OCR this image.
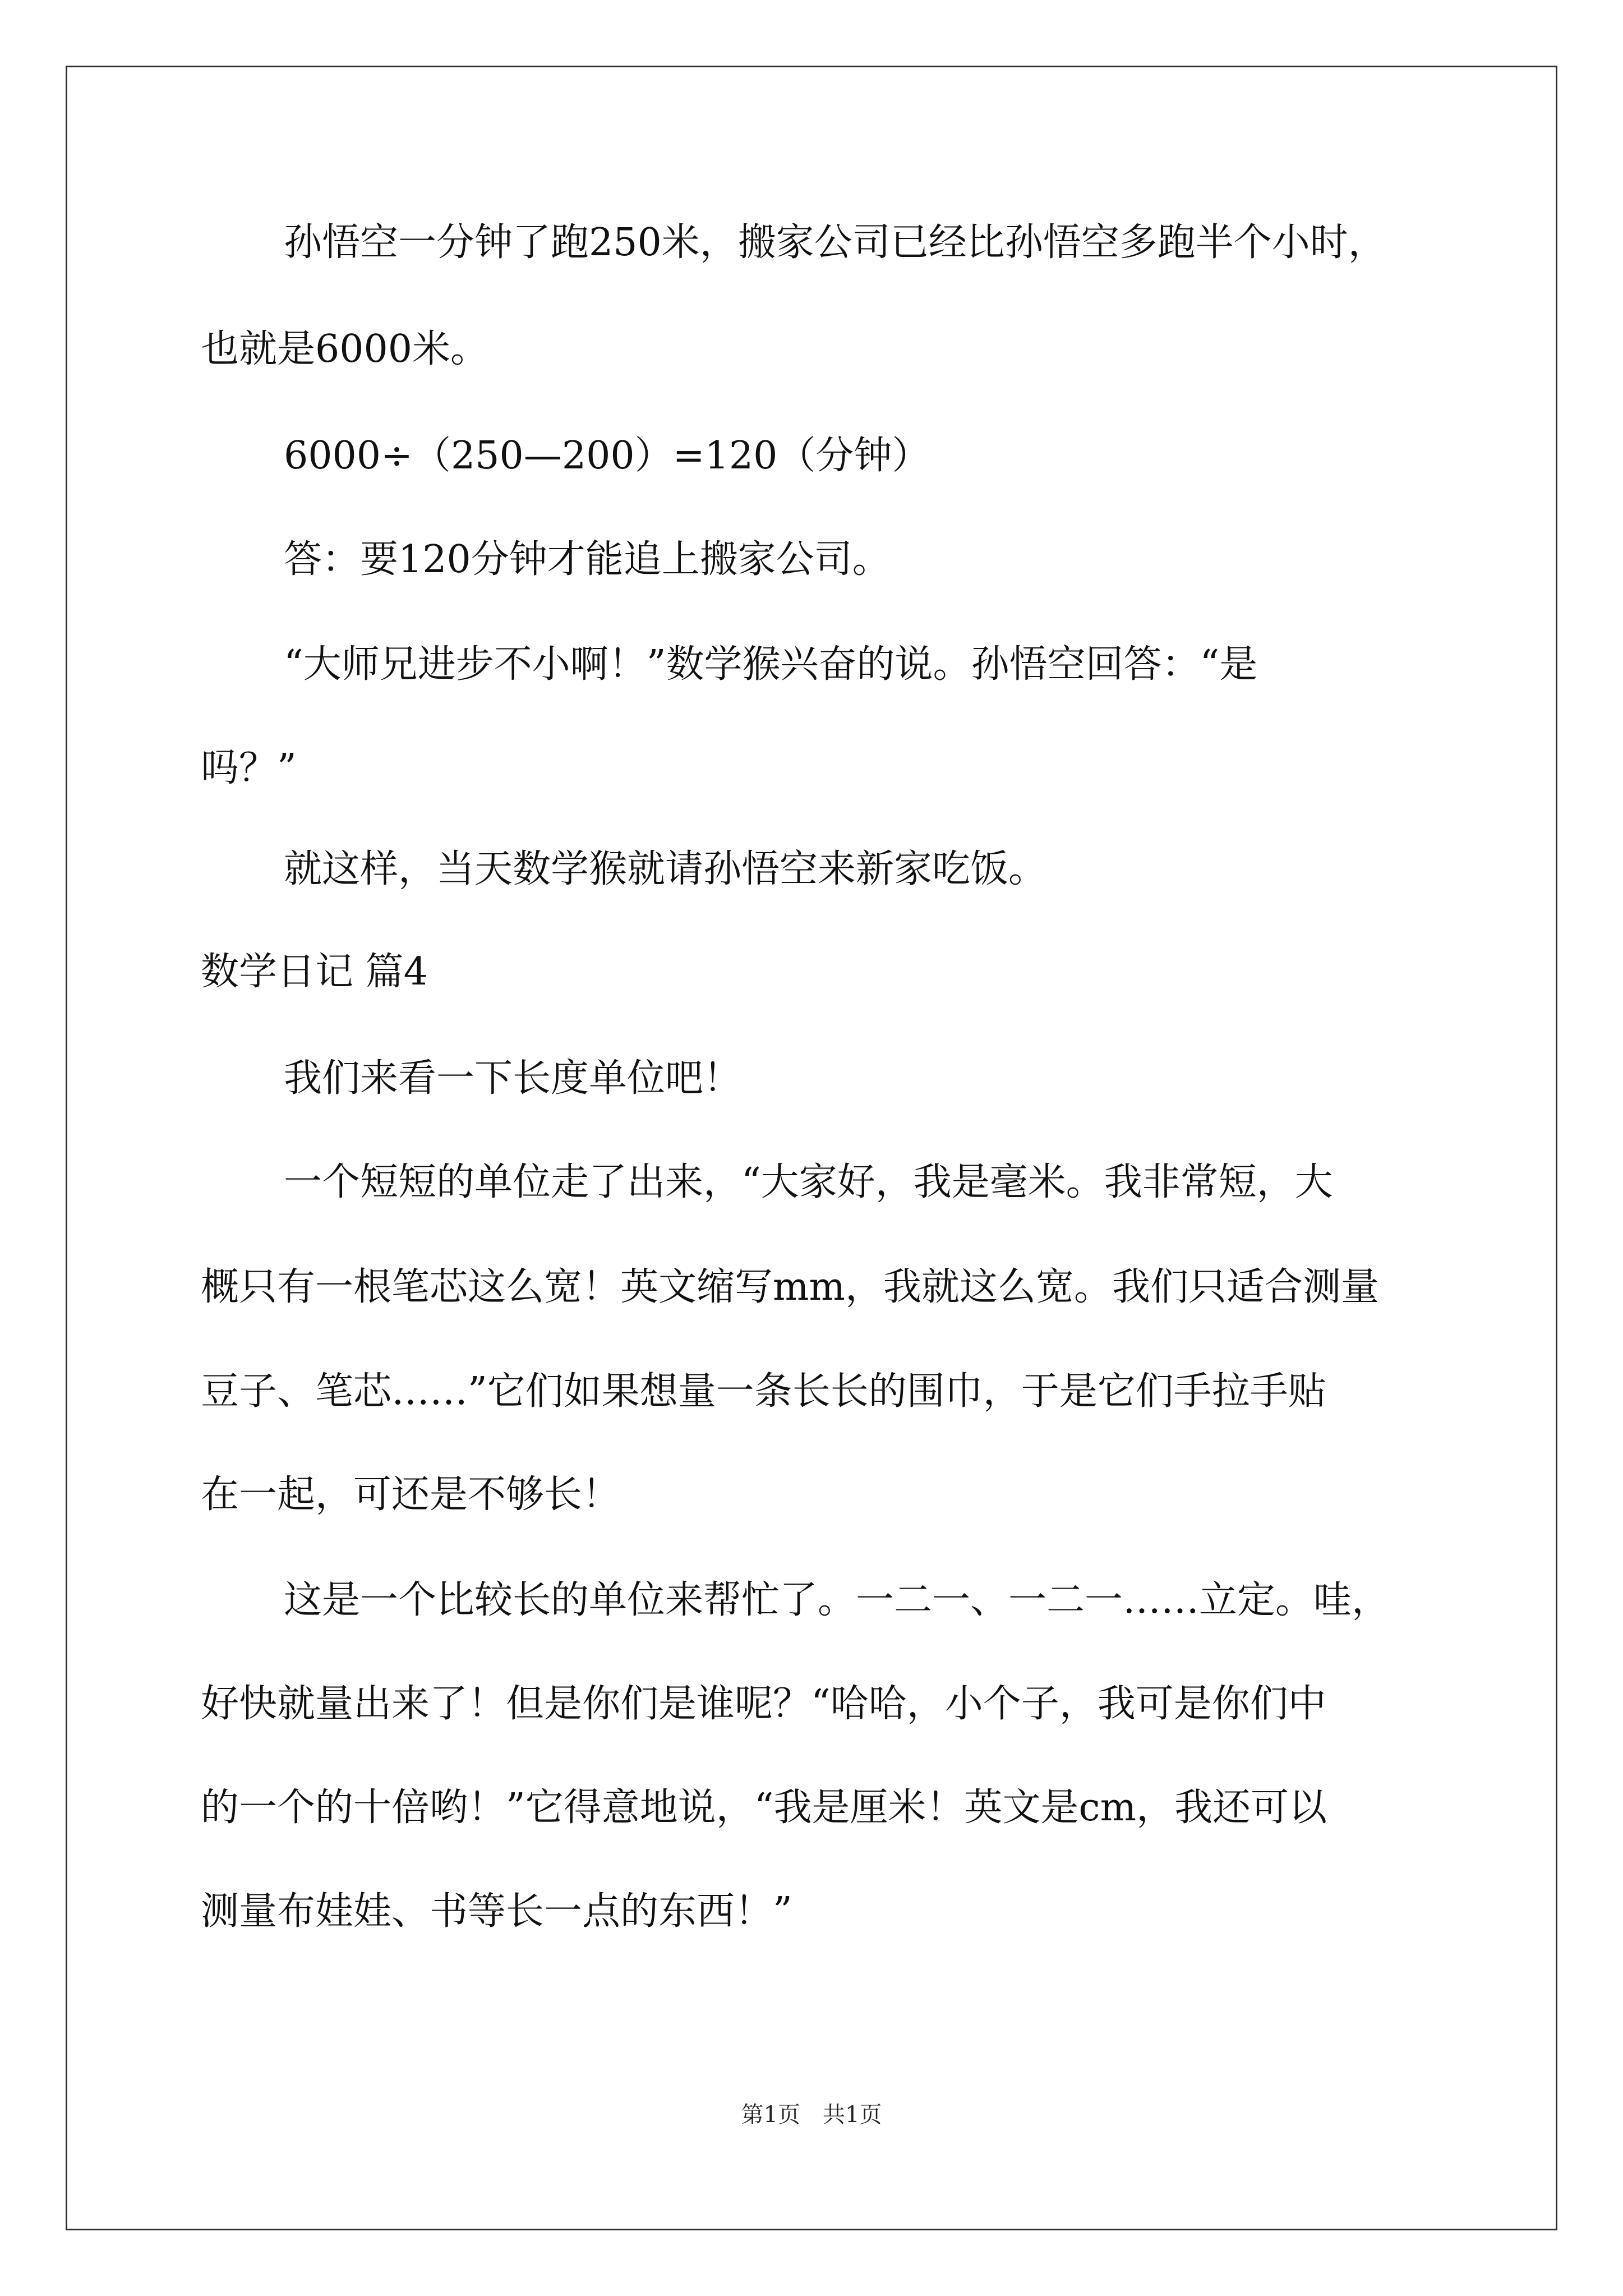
孙悟空一分钟了跑250米，搬家公司已经比孙悟空多跑半个小时，
也就是6000米。
6000÷（250—200）=120（分钟）
答：要120分钟才能追上搬家公司。
“大师兄进步不小啊！”数学猴兴奋的说。孙悟空回答：“是
吗？”
就这样，当天数学猴就请孙悟空来新家吃饭。
数学日记 篇4
我们来看一下长度单位吧！
一个短短的单位走了出来，“大家好，我是毫米。我非常短，大
概只有一根笔芯这么宽！英文缩写mm，我就这么宽。我们只适合测量
豆子、笔芯……”它们如果想量一条长长的围巾，于是它们手拉手贴
在一起，可还是不够长！
这是一个比较长的单位来帮忙了。一二一、一二一……立定。哇，
好快就量出来了！但是你们是谁呢？“哈哈，小个子，我可是你们中
的一个的十倍哟！”它得意地说，“我是厘米！英文是cm，我还可以
测量布娃娃、书等长一点的东西！”
第1页　共1页
